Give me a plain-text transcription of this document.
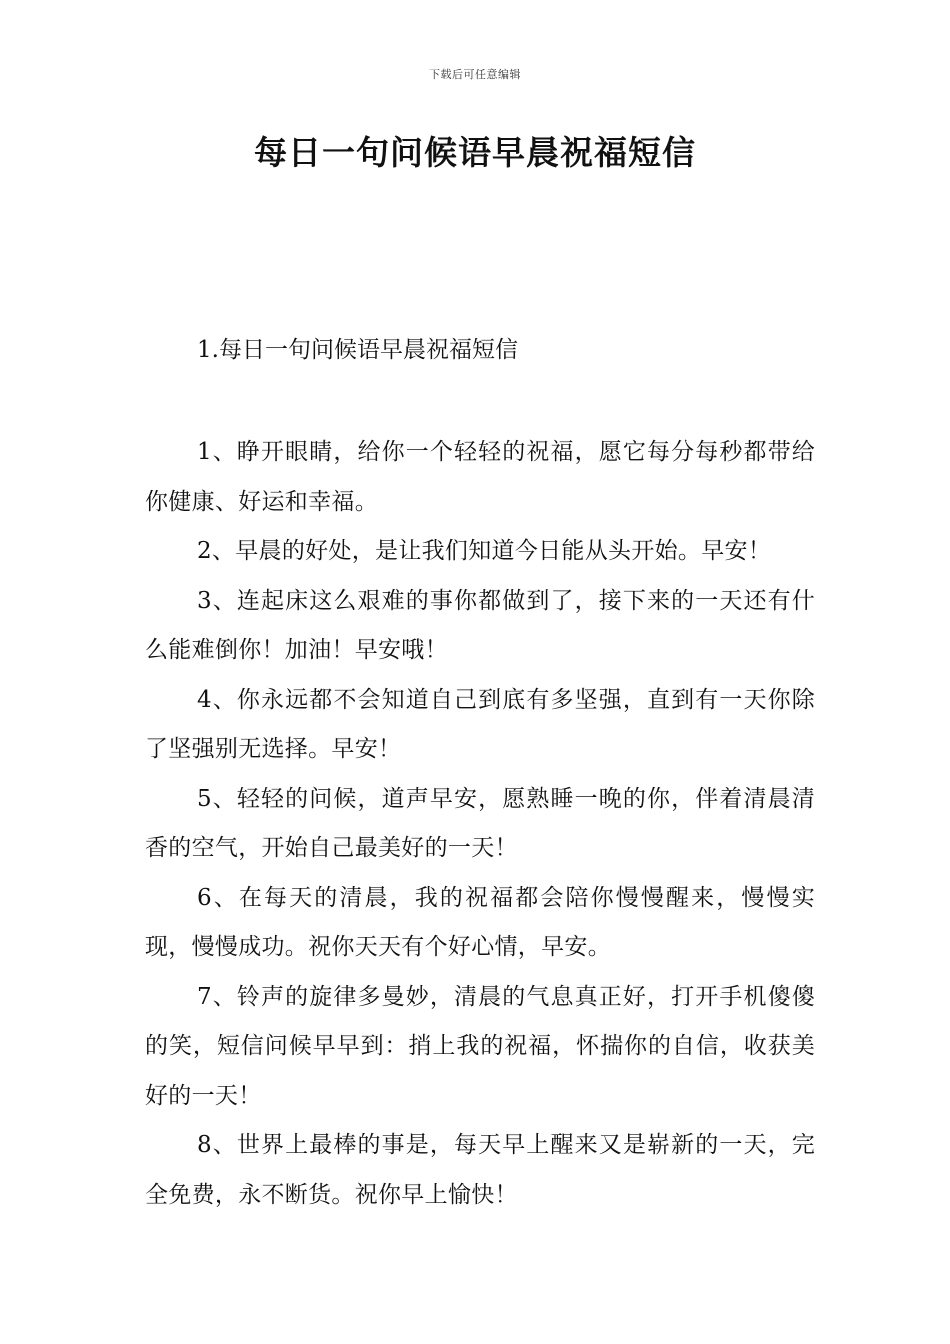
下载后可任意编辑
每日一句问候语早晨祝福短信
1.每日一句问候语早晨祝福短信

1、睁开眼睛，给你一个轻轻的祝福，愿它每分每秒都带给你健康、好运和幸福。

2、早晨的好处，是让我们知道今日能从头开始。早安！

3、连起床这么艰难的事你都做到了，接下来的一天还有什么能难倒你！加油！早安哦！

4、你永远都不会知道自己到底有多坚强，直到有一天你除了坚强别无选择。早安！

5、轻轻的问候，道声早安，愿熟睡一晚的你，伴着清晨清香的空气，开始自己最美好的一天！

6、在每天的清晨，我的祝福都会陪你慢慢醒来，慢慢实现，慢慢成功。祝你天天有个好心情，早安。

7、铃声的旋律多曼妙，清晨的气息真正好，打开手机傻傻的笑，短信问候早早到：捎上我的祝福，怀揣你的自信，收获美好的一天！

8、世界上最棒的事是，每天早上醒来又是崭新的一天，完全免费，永不断货。祝你早上愉快！
